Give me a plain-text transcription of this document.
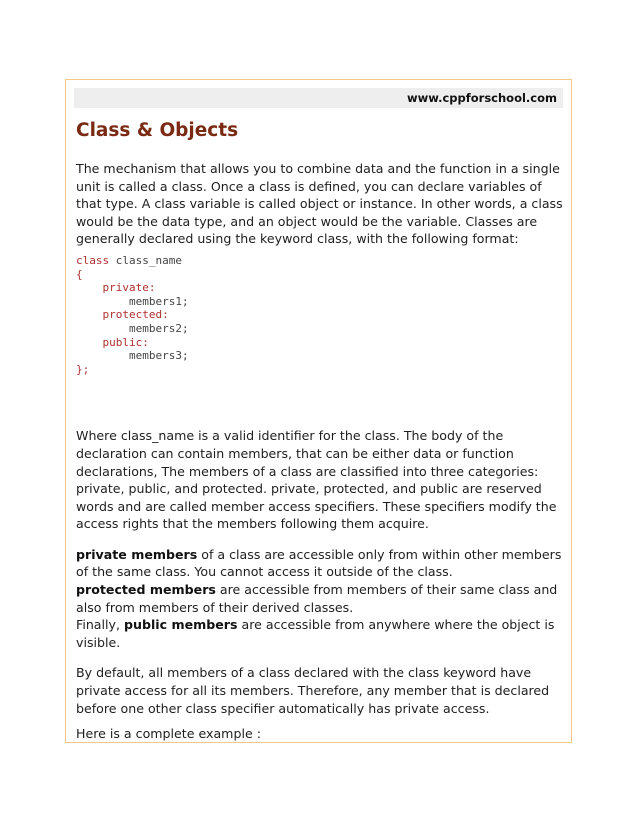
www.cppforschool.com
Class & Objects

The mechanism that allows you to combine data and the function in a single unit is called a class. Once a class is defined, you can declare variables of that type. A class variable is called object or instance. In other words, a class would be the data type, and an object would be the variable. Classes are generally declared using the keyword class, with the following format:

class class_name
{
private:
members1;
protected:
members2;
public:
members3;
};

Where class_name is a valid identifier for the class. The body of the declaration can contain members, that can be either data or function declarations, The members of a class are classified into three categories: private, public, and protected. private, protected, and public are reserved words and are called member access specifiers. These specifiers modify the access rights that the members following them acquire.

private members of a class are accessible only from within other members of the same class. You cannot access it outside of the class.
protected members are accessible from members of their same class and also from members of their derived classes.
Finally, public members are accessible from anywhere where the object is visible.

By default, all members of a class declared with the class keyword have private access for all its members. Therefore, any member that is declared before one other class specifier automatically has private access.

Here is a complete example :
